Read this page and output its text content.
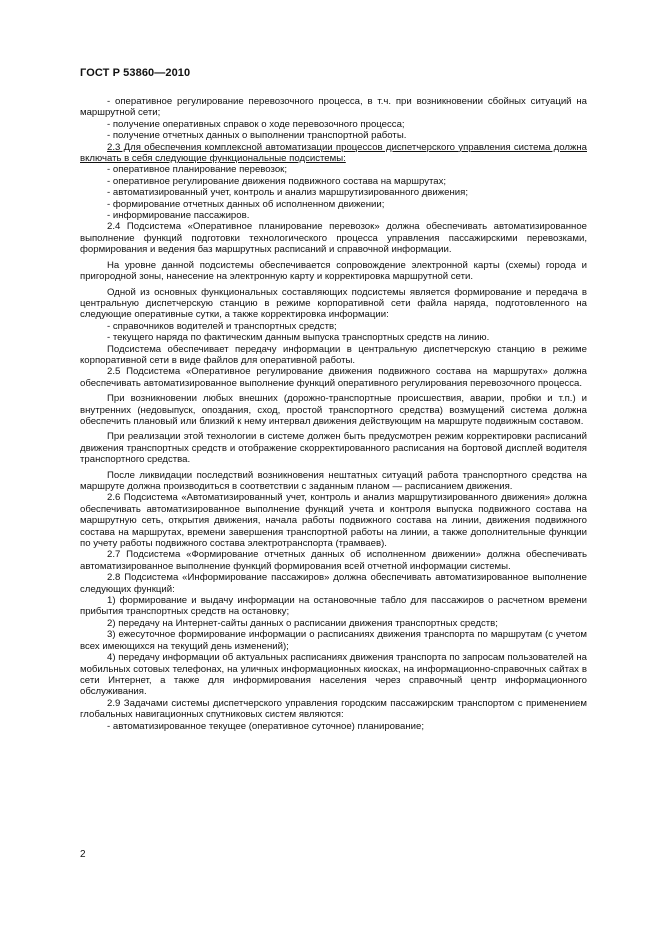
ГОСТ Р 53860—2010

- оперативное регулирование перевозочного процесса, в т.ч. при возникновении сбойных ситуаций на маршрутной сети;

- получение оперативных справок о ходе перевозочного процесса;

- получение отчетных данных о выполнении транспортной работы.

2.3 Для обеспечения комплексной автоматизации процессов диспетчерского управления система должна включать в себя следующие функциональные подсистемы:

- оперативное планирование перевозок;

- оперативное регулирование движения подвижного состава на маршрутах;

- автоматизированный учет, контроль и анализ маршрутизированного движения;

- формирование отчетных данных об исполненном движении;

- информирование пассажиров.

2.4 Подсистема «Оперативное планирование перевозок» должна обеспечивать автоматизированное выполнение функций подготовки технологического процесса управления пассажирскими перевозками, формирования и ведения баз маршрутных расписаний и справочной информации.

На уровне данной подсистемы обеспечивается сопровождение электронной карты (схемы) города и пригородной зоны, нанесение на электронную карту и корректировка маршрутной сети.

Одной из основных функциональных составляющих подсистемы является формирование и передача в центральную диспетчерскую станцию в режиме корпоративной сети файла наряда, подготовленного на следующие оперативные сутки, а также корректировка информации:

- справочников водителей и транспортных средств;

- текущего наряда по фактическим данным выпуска транспортных средств на линию.

Подсистема обеспечивает передачу информации в центральную диспетчерскую станцию в режиме корпоративной сети в виде файлов для оперативной работы.

2.5 Подсистема «Оперативное регулирование движения подвижного состава на маршрутах» должна обеспечивать автоматизированное выполнение функций оперативного регулирования перевозочного процесса.

При возникновении любых внешних (дорожно-транспортные происшествия, аварии, пробки и т.п.) и внутренних (недовыпуск, опоздания, сход, простой транспортного средства) возмущений система должна обеспечить плановый или близкий к нему интервал движения действующим на маршруте подвижным составом.

При реализации этой технологии в системе должен быть предусмотрен режим корректировки расписаний движения транспортных средств и отображение скорректированного расписания на бортовой дисплей водителя транспортного средства.

После ликвидации последствий возникновения нештатных ситуаций работа транспортного средства на маршруте должна производиться в соответствии с заданным планом — расписанием движения.

2.6 Подсистема «Автоматизированный учет, контроль и анализ маршрутизированного движения» должна обеспечивать автоматизированное выполнение функций учета и контроля выпуска подвижного состава на маршрутную сеть, открытия движения, начала работы подвижного состава на линии, движения подвижного состава на маршрутах, времени завершения транспортной работы на линии, а также дополнительные функции по учету работы подвижного состава электротранспорта (трамваев).

2.7 Подсистема «Формирование отчетных данных об исполненном движении» должна обеспечивать автоматизированное выполнение функций формирования всей отчетной информации системы.

2.8 Подсистема «Информирование пассажиров» должна обеспечивать автоматизированное выполнение следующих функций:

1) формирование и выдачу информации на остановочные табло для пассажиров о расчетном времени прибытия транспортных средств на остановку;

2) передачу на Интернет-сайты данных о расписании движения транспортных средств;

3) ежесуточное формирование информации о расписаниях движения транспорта по маршрутам (с учетом всех имеющихся на текущий день изменений);

4) передачу информации об актуальных расписаниях движения транспорта по запросам пользователей на мобильных сотовых телефонах, на уличных информационных киосках, на информационно-справочных сайтах в сети Интернет, а также для информирования населения через справочный центр информационного обслуживания.

2.9 Задачами системы диспетчерского управления городским пассажирским транспортом с применением глобальных навигационных спутниковых систем являются:

- автоматизированное текущее (оперативное суточное) планирование;

2
